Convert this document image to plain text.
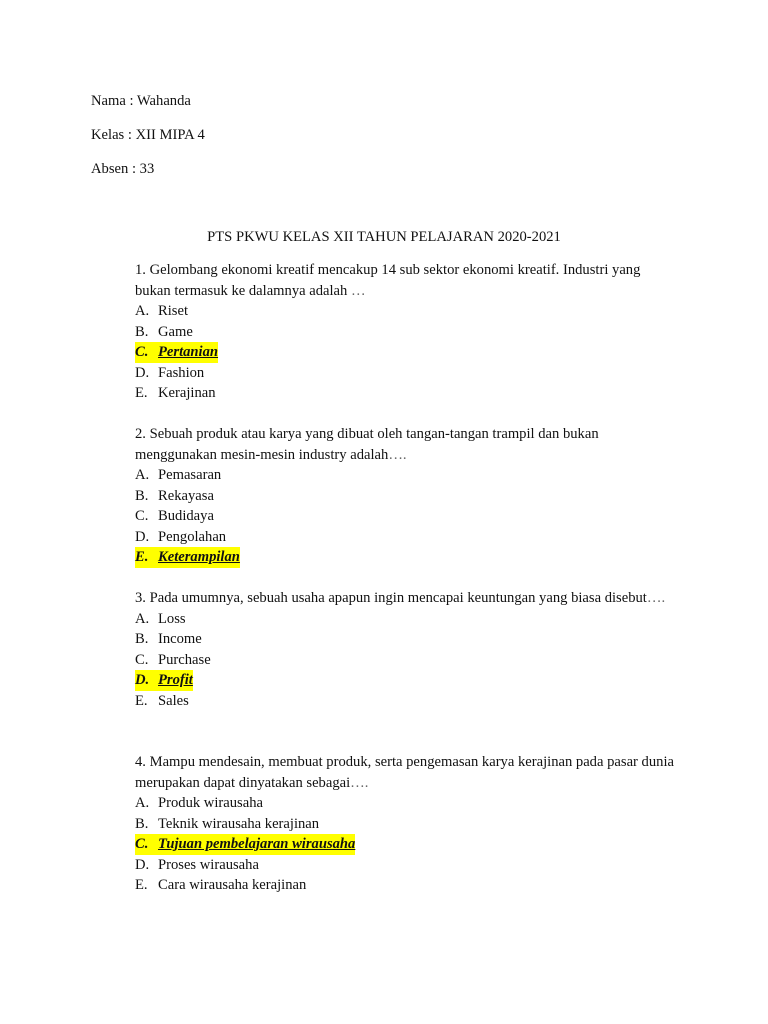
Nama : Wahanda
Kelas : XII MIPA 4
Absen : 33
PTS PKWU KELAS XII TAHUN PELAJARAN 2020-2021
1. Gelombang ekonomi kreatif mencakup 14 sub sektor ekonomi kreatif. Industri yang bukan termasuk ke dalamnya adalah …
A. Riset
B. Game
C. Pertanian
D. Fashion
E. Kerajinan
2. Sebuah produk atau karya yang dibuat oleh tangan-tangan trampil dan bukan menggunakan mesin-mesin industry adalah….
A. Pemasaran
B. Rekayasa
C. Budidaya
D. Pengolahan
E. Keterampilan
3. Pada umumnya, sebuah usaha apapun ingin mencapai keuntungan yang biasa disebut….
A. Loss
B. Income
C. Purchase
D. Profit
E. Sales
4. Mampu mendesain, membuat produk, serta pengemasan karya kerajinan pada pasar dunia merupakan dapat dinyatakan sebagai….
A. Produk wirausaha
B. Teknik wirausaha kerajinan
C. Tujuan pembelajaran wirausaha
D. Proses wirausaha
E. Cara wirausaha kerajinan
